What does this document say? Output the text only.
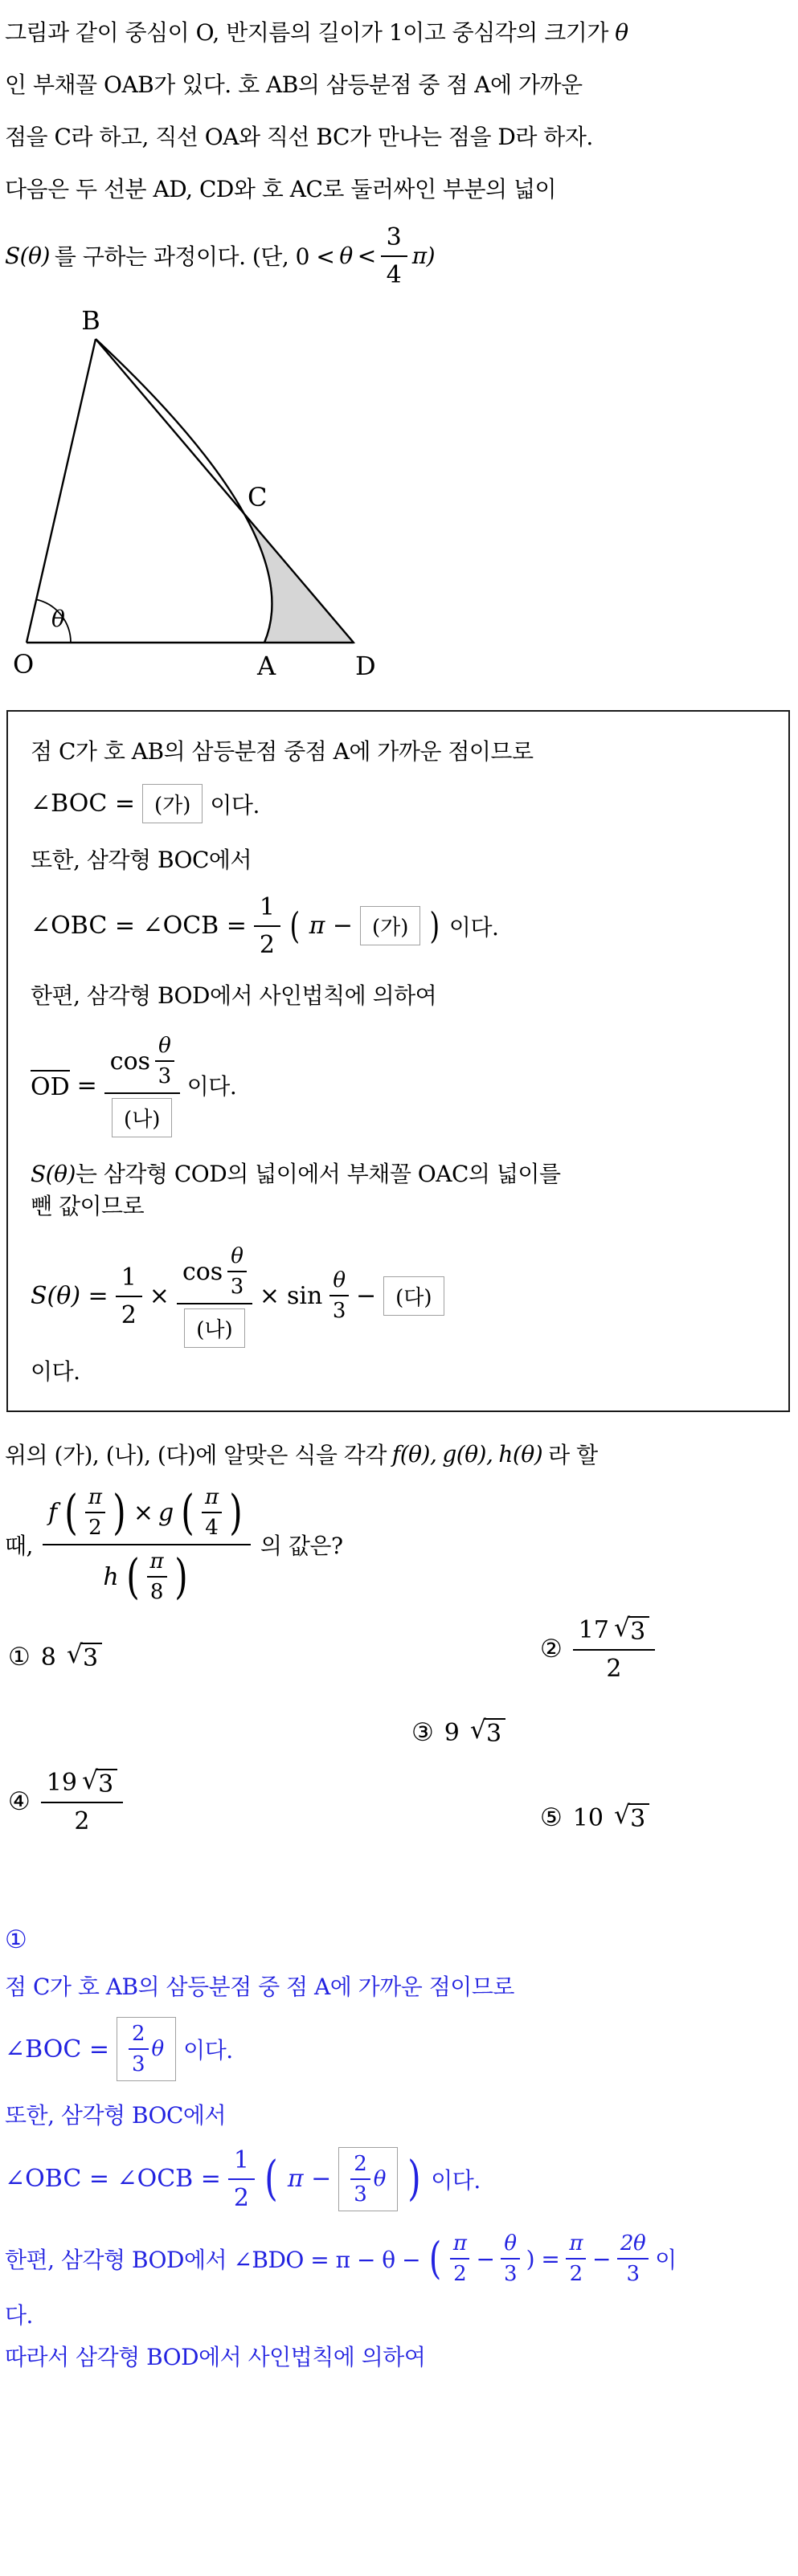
그림과 같이 중심이 O, 반지름의 길이가 1이고 중심각의 크기가 θ
인 부채꼴 OAB가 있다. 호 AB의 삼등분점 중 점 A에 가까운
점을 C라 하고, 직선 OA와 직선 BC가 만나는 점을 D라 하자.
다음은 두 선분 AD, CD와 호 AC로 둘러싸인 부분의 넓이
S(θ) 를 구하는 과정이다. (단, $0 < \theta < \frac{3}{4} \pi$)
B
C
O	A	D
θ
점 C가 호 AB의 삼등분점 중점 A에 가까운 점이므로
∠BOC = (가) 이다.
또한, 삼각형 BOC에서
∠OBC = ∠OCB = $\frac{1}{2}$ ( π − (가) ) 이다.
한편, 삼각형 BOD에서 사인법칙에 의하여
OD =
$\cos \frac{\theta}{3}$
(나)
이다.
S(θ)는 삼각형 COD의 넓이에서 부채꼴 OAC의 넓이를
뺀 값이므로
$S(\theta) = \frac{1}{2}$ ×
$\cos \frac{\theta}{3}$
(나)
× $\sin \frac{\theta}{3}$ − (다)
이다.
위의 (가), (나), (다)에 알맞은 식을 각각 f(θ), g(θ), h(θ) 라 할
때,
f ( $\frac{\pi}{2}$ ) × g ( $\frac{\pi}{4}$ )
h ( $\frac{\pi}{8}$ )
의 값은?
① 8 √ 3	② $\frac{17 √ 3}{2}$
③ 9 √ 3
④ $\frac{19 √ 3}{2}$	⑤ 10 √ 3
①
점 C가 호 AB의 삼등분점 중 점 A에 가까운 점이므로
∠BOC = $\frac{2}{3}$ θ 이다.
또한, 삼각형 BOC에서
∠OBC = ∠OCB = $\frac{1}{2}$ ( $\pi - \frac{2}{3}$ θ ) 이다.
한편, 삼각형 BOD에서 ∠BDO = π − θ − ( $\frac{\pi}{2} - \frac{\theta}{3}$ ) = $\frac{\pi}{2} - \frac{2\theta}{3}$ 이
다.
따라서 삼각형 BOD에서 사인법칙에 의하여
